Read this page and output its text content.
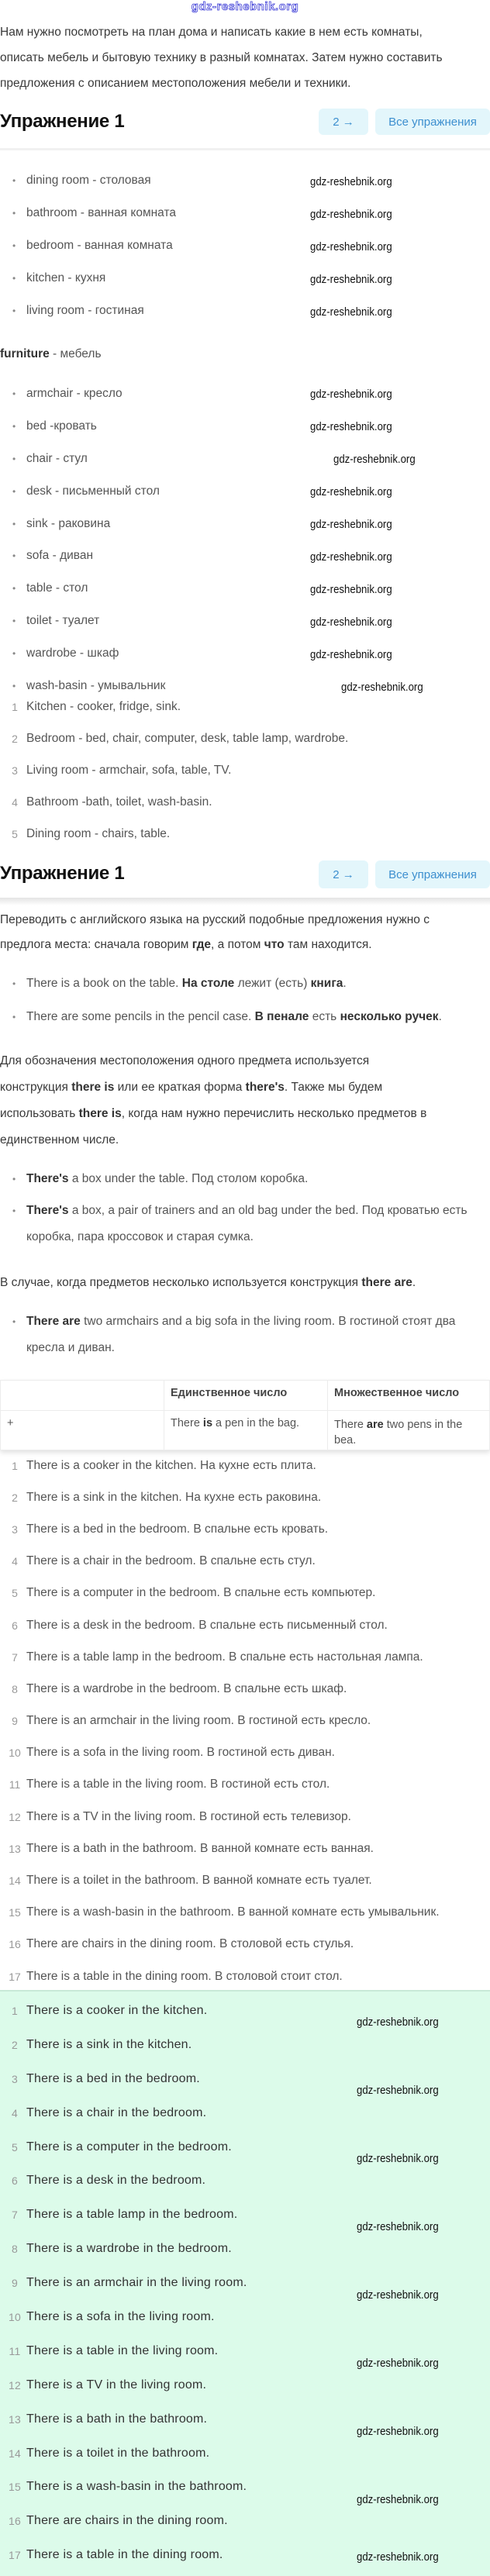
gdz-reshebnik.org
Нам нужно посмотреть на план дома и написать какие в нем есть комнаты,
описать мебель и бытовую технику в разный комнатах. Затем нужно составить
предложения с описанием местоположения мебели и техники.
Упражнение 1	2
→	Все упражнения
• dining room - столовая
• bathroom - ванная комната
• bedroom - ванная комната
• kitchen - кухня
• living room - гостиная
furniture - мебель
• armchair - кресло
• bed -кровать
• chair - стул
• desk - письменный стол
• sink - раковина
• sofa - диван
• table - стол
• toilet - туалет
• wardrobe - шкаф
• wash-basin - умывальник
1 Kitchen - cooker, fridge, sink.
2 Bedroom - bed, chair, computer, desk, table lamp, wardrobe.
3 Living room - armchair, sofa, table, TV.
4 Bathroom -bath, toilet, wash-basin.
5 Dining room - chairs, table.
Упражнение 1	2
→	Все упражнения
Переводить с английского языка на русский подобные предложения нужно с
предлога места: сначала говорим где, а потом что там находится.
• There is a book on the table. На столе лежит (есть) книга.
• There are some pencils in the pencil case. В пенале есть несколько ручек.
Для обозначения местоположения одного предмета используется
конструкция there is или ее краткая форма there's. Также мы будем
использовать there is, когда нам нужно перечислить несколько предметов в
единственном числе.
• There's a box under the table. Под столом коробка.
• There's a box, a pair of trainers and an old bag under the bed. Под кроватью есть коробка, пара кроссовок и старая сумка.
В случае, когда предметов несколько используется конструкция there are.
• There are two armchairs and a big sofa in the living room. В гостиной стоят два кресла и диван.
	Единственное число	Множественное число
+	There is a pen in the bag.	There are two pens in the bea.
1 There is a cooker in the kitchen. На кухне есть плита.
2 There is a sink in the kitchen. На кухне есть раковина.
3 There is a bed in the bedroom. В спальне есть кровать.
4 There is a chair in the bedroom. В спальне есть стул.
5 There is a computer in the bedroom. В спальне есть компьютер.
6 There is a desk in the bedroom. В спальне есть письменный стол.
7 There is a table lamp in the bedroom. В спальне есть настольная лампа.
8 There is a wardrobe in the bedroom. В спальне есть шкаф.
9 There is an armchair in the living room. В гостиной есть кресло.
10 There is a sofa in the living room. В гостиной есть диван.
11 There is a table in the living room. В гостиной есть стол.
12 There is a TV in the living room. В гостиной есть телевизор.
13 There is a bath in the bathroom. В ванной комнате есть ванная.
14 There is a toilet in the bathroom. В ванной комнате есть туалет.
15 There is a wash-basin in the bathroom. В ванной комнате есть умывальник.
16 There are chairs in the dining room. В столовой есть стулья.
17 There is a table in the dining room. В столовой стоит стол.
1 There is a cooker in the kitchen.
2 There is a sink in the kitchen.
3 There is a bed in the bedroom.
4 There is a chair in the bedroom.
5 There is a computer in the bedroom.
6 There is a desk in the bedroom.
7 There is a table lamp in the bedroom.
8 There is a wardrobe in the bedroom.
9 There is an armchair in the living room.
10 There is a sofa in the living room.
11 There is a table in the living room.
12 There is a TV in the living room.
13 There is a bath in the bathroom.
14 There is a toilet in the bathroom.
15 There is a wash-basin in the bathroom.
16 There are chairs in the dining room.
17 There is a table in the dining room.
gdz-reshebnik.org
gdz-reshebnik.org
gdz-reshebnik.org
gdz-reshebnik.org
gdz-reshebnik.org
gdz-reshebnik.org
gdz-reshebnik.org
gdz-reshebnik.org
gdz-reshebnik.org
gdz-reshebnik.org
gdz-reshebnik.org
gdz-reshebnik.org
gdz-reshebnik.org
gdz-reshebnik.org
gdz-reshebnik.org
gdz-reshebnik.org
gdz-reshebnik.org
gdz-reshebnik.org
gdz-reshebnik.org
gdz-reshebnik.org
gdz-reshebnik.org
gdz-reshebnik.org
gdz-reshebnik.org
gdz-reshebnik.org
